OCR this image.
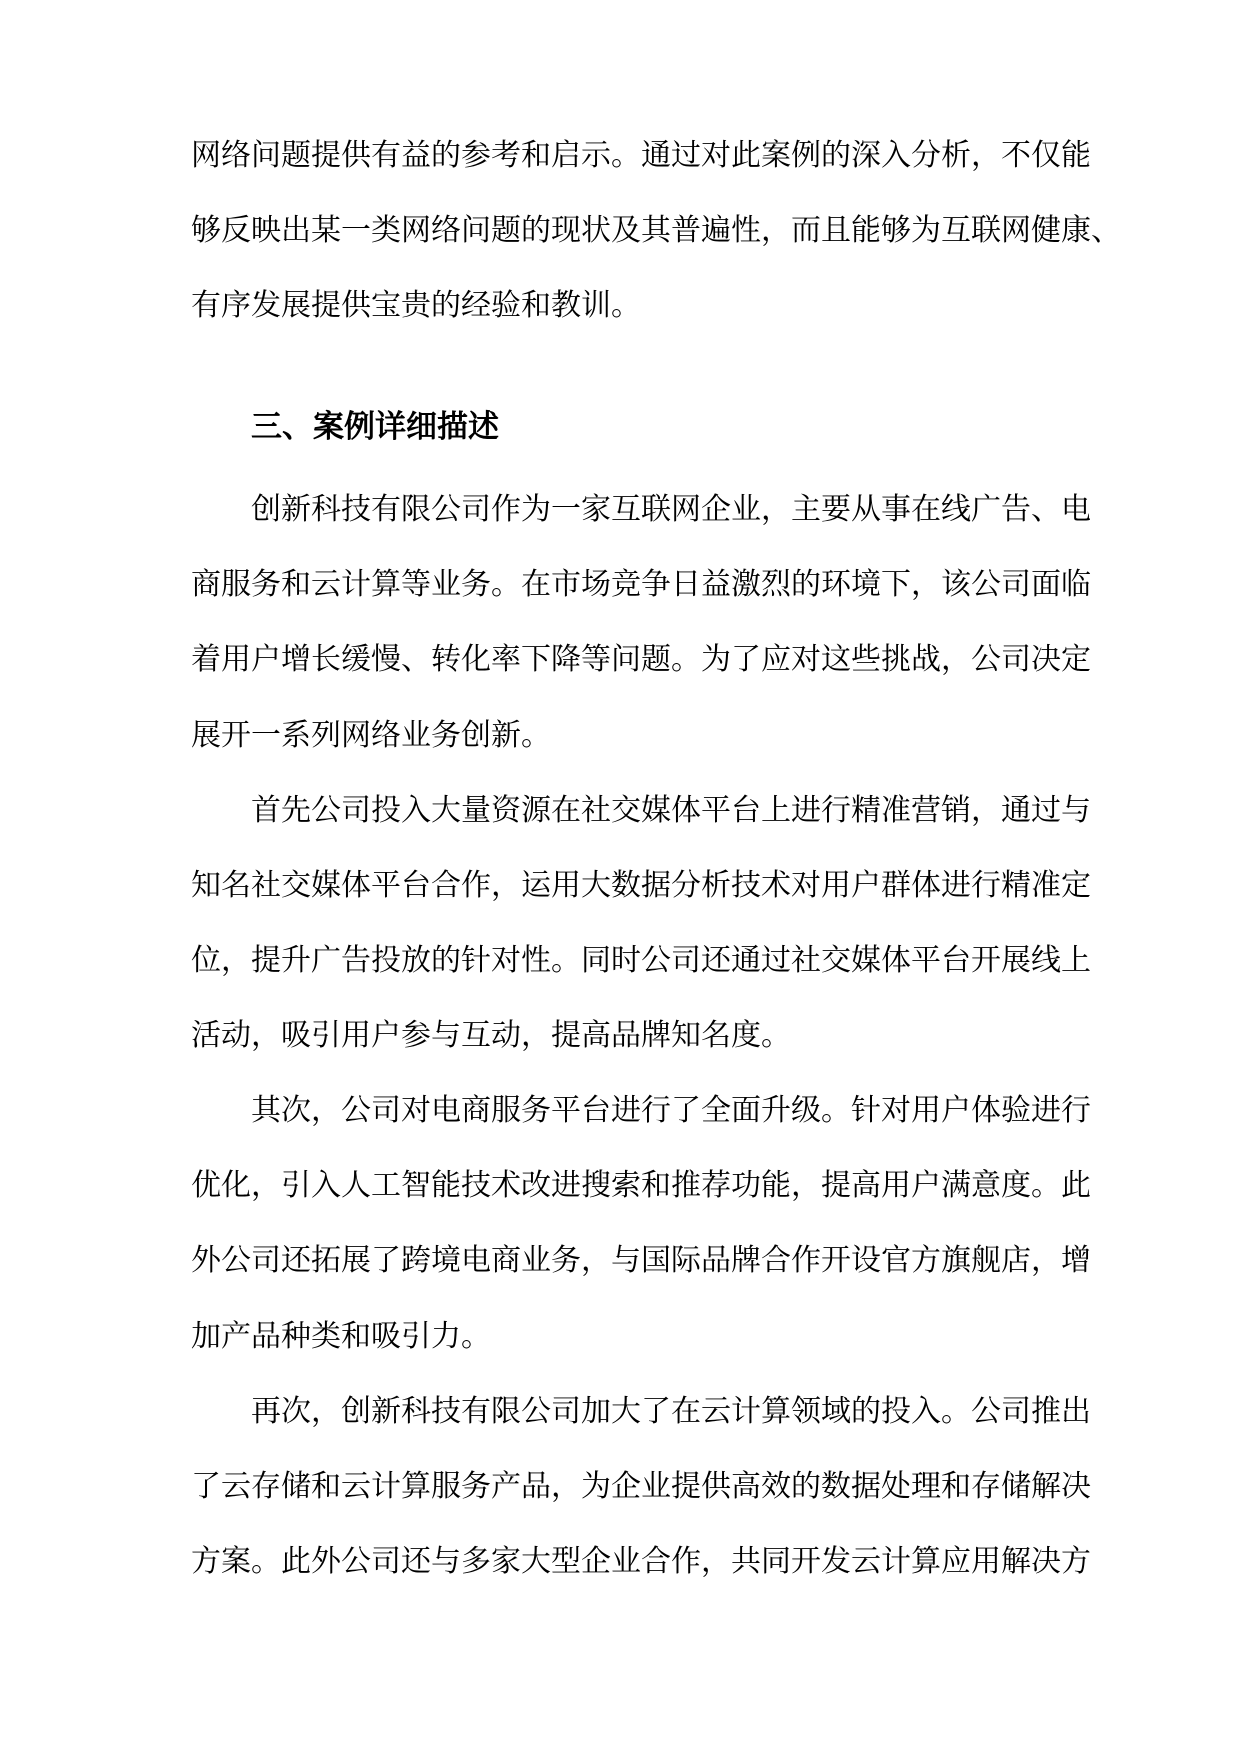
网络问题提供有益的参考和启示。通过对此案例的深入分析，不仅能
够反映出某一类网络问题的现状及其普遍性，而且能够为互联网健康、
有序发展提供宝贵的经验和教训。
三、案例详细描述
创新科技有限公司作为一家互联网企业，主要从事在线广告、电
商服务和云计算等业务。在市场竞争日益激烈的环境下，该公司面临
着用户增长缓慢、转化率下降等问题。为了应对这些挑战，公司决定
展开一系列网络业务创新。
首先公司投入大量资源在社交媒体平台上进行精准营销，通过与
知名社交媒体平台合作，运用大数据分析技术对用户群体进行精准定
位，提升广告投放的针对性。同时公司还通过社交媒体平台开展线上
活动，吸引用户参与互动，提高品牌知名度。
其次，公司对电商服务平台进行了全面升级。针对用户体验进行
优化，引入人工智能技术改进搜索和推荐功能，提高用户满意度。此
外公司还拓展了跨境电商业务，与国际品牌合作开设官方旗舰店，增
加产品种类和吸引力。
再次，创新科技有限公司加大了在云计算领域的投入。公司推出
了云存储和云计算服务产品，为企业提供高效的数据处理和存储解决
方案。此外公司还与多家大型企业合作，共同开发云计算应用解决方
